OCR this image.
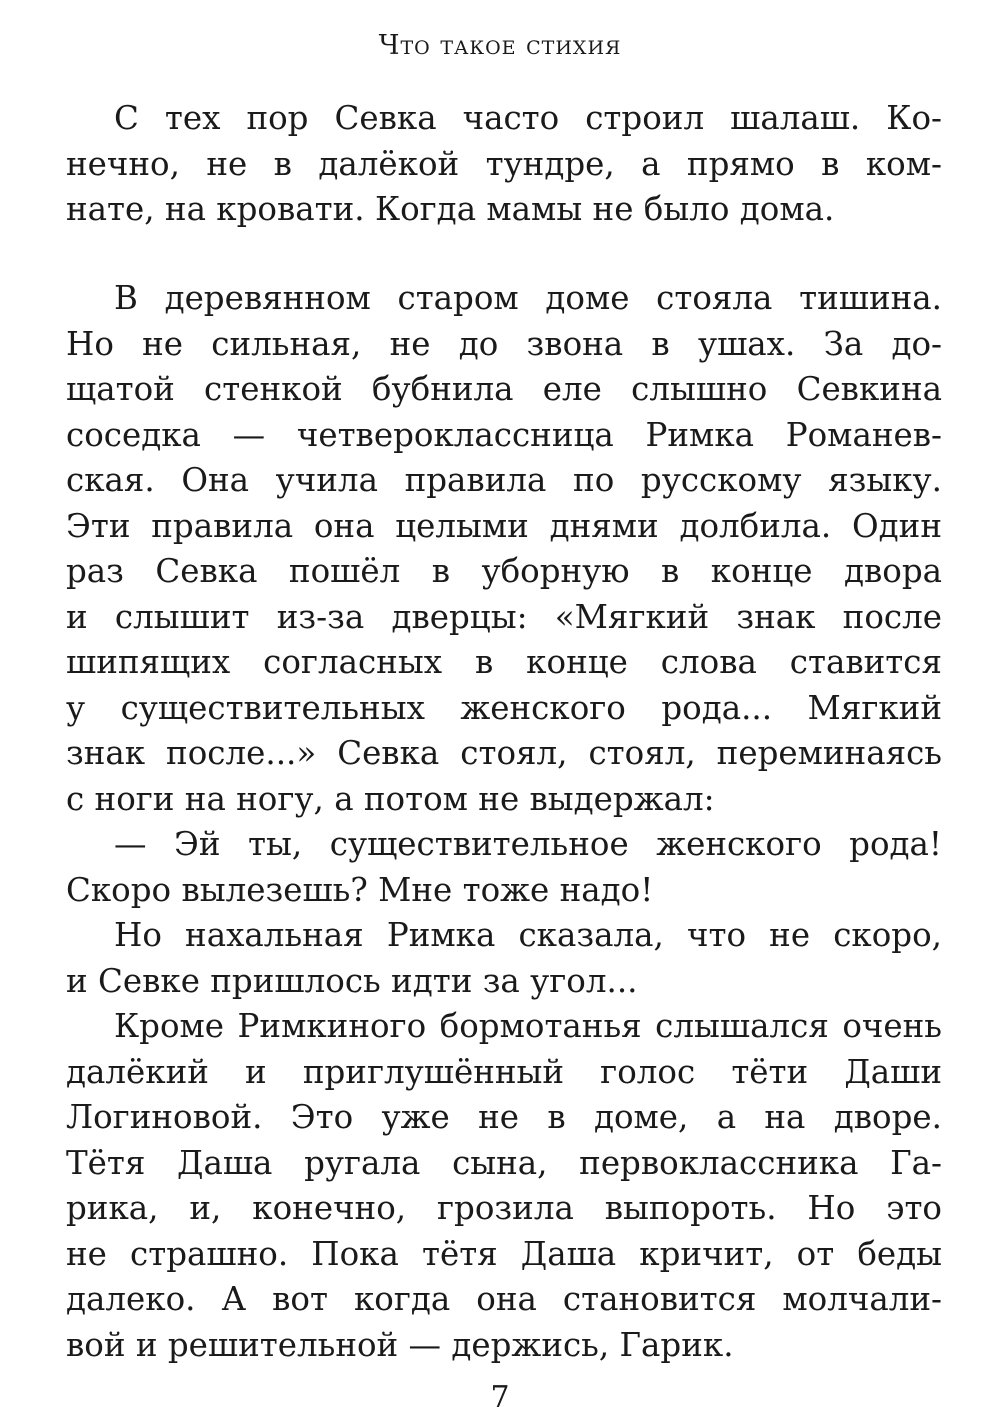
Что такое стихия
С тех пор Севка часто строил шалаш. Ко-
нечно, не в далёкой тундре, а прямо в ком-
нате, на кровати. Когда мамы не было дома.
В деревянном старом доме стояла тишина.
Но не сильная, не до звона в ушах. За до-
щатой стенкой бубнила еле слышно Севкина
соседка — четвероклассница Римка Романев-
ская. Она учила правила по русскому языку.
Эти правила она целыми днями долбила. Один
раз Севка пошёл в уборную в конце двора
и слышит из-за дверцы: «Мягкий знак после
шипящих согласных в конце слова ставится
у существительных женского рода... Мягкий
знак после...» Севка стоял, стоял, переминаясь
с ноги на ногу, а потом не выдержал:
— Эй ты, существительное женского рода!
Скоро вылезешь? Мне тоже надо!
Но нахальная Римка сказала, что не скоро,
и Севке пришлось идти за угол...
Кроме Римкиного бормотанья слышался очень
далёкий и приглушённый голос тёти Даши
Логиновой. Это уже не в доме, а на дворе.
Тётя Даша ругала сына, первоклассника Га-
рика, и, конечно, грозила выпороть. Но это
не страшно. Пока тётя Даша кричит, от беды
далеко. А вот когда она становится молчали-
вой и решительной — держись, Гарик.
7
